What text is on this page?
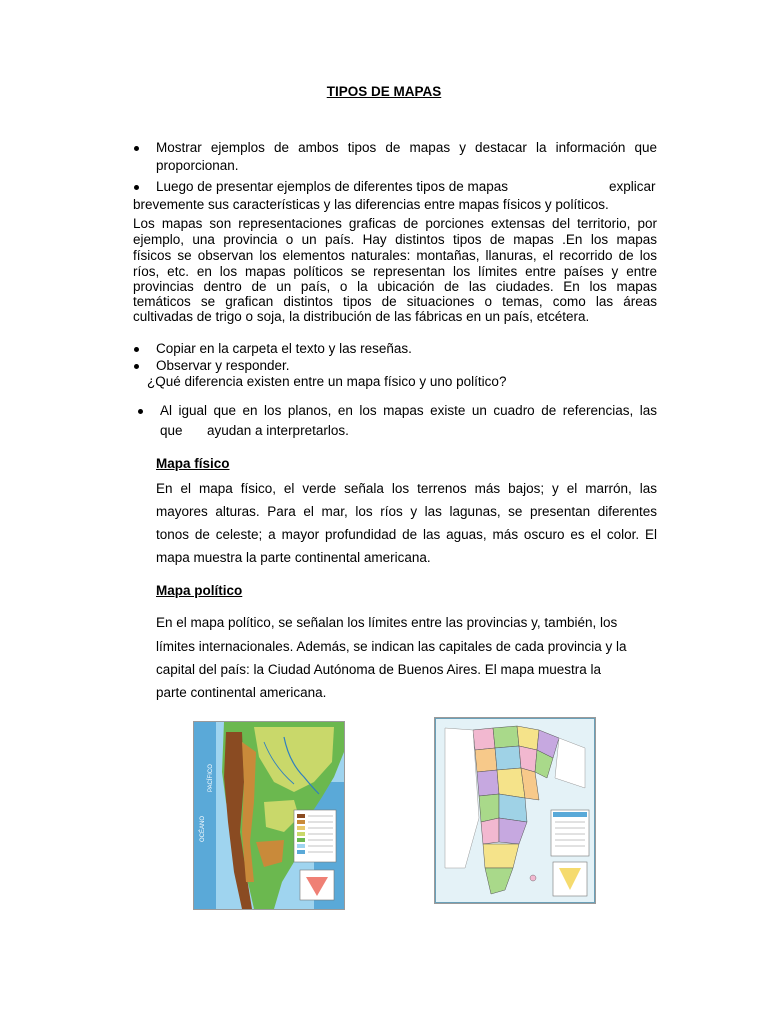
TIPOS DE MAPAS
Mostrar ejemplos de ambos tipos de mapas y destacar la información que
proporcionan.
Luego de presentar ejemplos de diferentes tipos de mapas	explicar
brevemente sus características y las diferencias entre mapas físicos y políticos.
Los mapas son representaciones graficas de porciones extensas del territorio, por
ejemplo, una provincia o un país. Hay distintos tipos de mapas .En los mapas
físicos se observan los elementos naturales: montañas, llanuras, el recorrido de los
ríos, etc. en los mapas políticos se representan los límites entre países y entre
provincias dentro de un país, o la ubicación de las ciudades. En los mapas
temáticos se grafican distintos tipos de situaciones o temas, como las áreas
cultivadas de trigo o soja, la distribución de las fábricas en un país, etcétera.
Copiar en la carpeta el texto y las reseñas.
Observar y responder.
¿Qué diferencia existen entre un mapa físico y uno político?
Al igual que en los planos, en los mapas existe un cuadro de referencias, las
que ayudan a interpretarlos.
Mapa físico
En el mapa físico, el verde señala los terrenos más bajos; y el marrón, las
mayores alturas. Para el mar, los ríos y las lagunas, se presentan diferentes
tonos de celeste; a mayor profundidad de las aguas, más oscuro es el color. El
mapa muestra la parte continental americana.
Mapa político
En el mapa político, se señalan los límites entre las provincias y, también, los
límites internacionales. Además, se indican las capitales de cada provincia y la
capital del país: la Ciudad Autónoma de Buenos Aires. El mapa muestra la
parte continental americana.
OCÉANO
PACÍFICO
